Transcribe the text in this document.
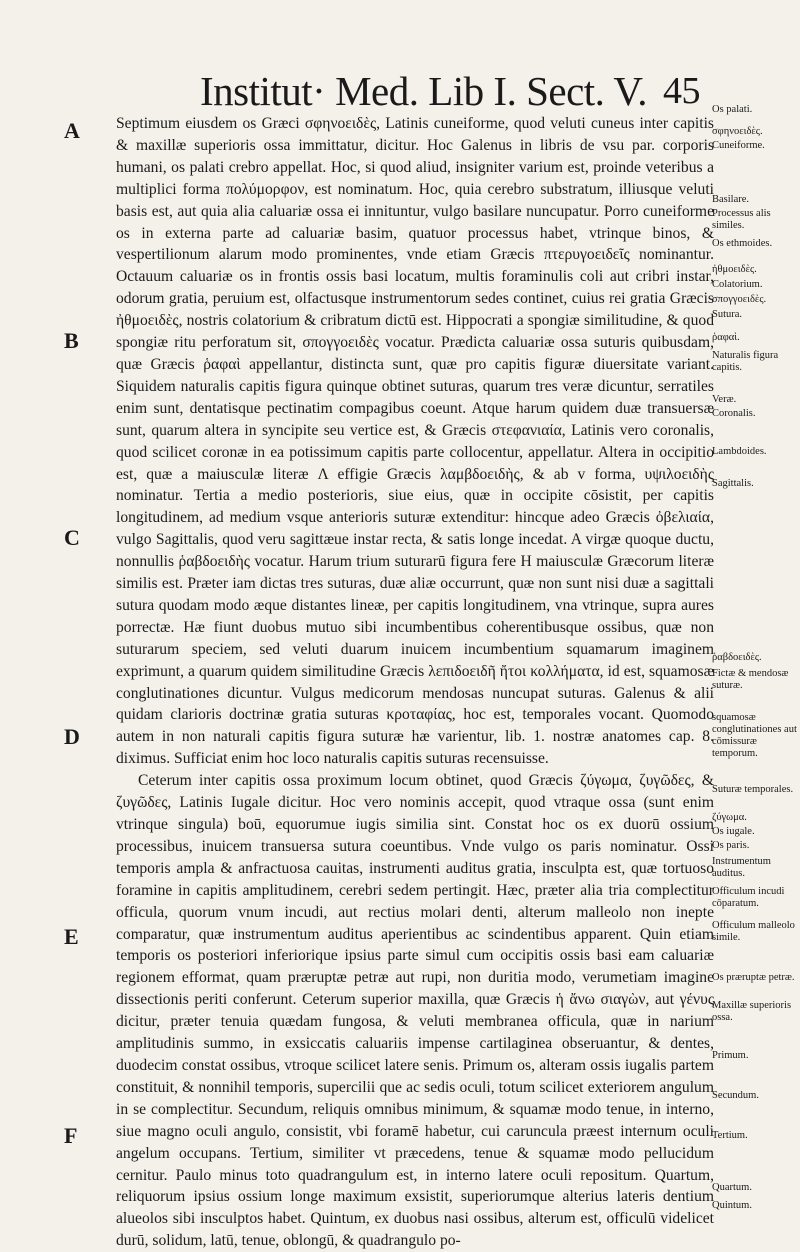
Institut· Med. Lib I. Sect. V. 45
A
B
C
D
E
F

Septimum eiusdem os Græci σφηνοειδὲς, Latinis cuneiforme, quod veluti cuneus inter capitis & maxillæ superioris ossa immittatur, dicitur. Hoc Galenus in libris de vsu par. corporis humani, os palati crebro appellat. Hoc, si quod aliud, insigniter varium est, proinde veteribus a multiplici forma πολύμορφον, est nominatum. Hoc, quia cerebro substratum, illiusque veluti basis est, aut quia alia caluariæ ossa ei innituntur, vulgo basilare nuncupatur. Porro cuneiforme os in externa parte ad caluariæ basim, quatuor processus habet, vtrinque binos, & vespertilionum alarum modo prominentes, vnde etiam Græcis πτερυγοειδεῖς nominantur. Octauum caluariæ os in frontis ossis basi locatum, multis foraminulis coli aut cribri instar, odorum gratia, peruium est, olfactusque instrumentorum sedes continet, cuius rei gratia Græcis ἠθμοειδὲς, nostris colatorium & cribratum dictū est. Hippocrati a spongiæ similitudine, & quod spongiæ ritu perforatum sit, σπογγοειδὲς vocatur. Prædicta caluariæ ossa suturis quibusdam, quæ Græcis ῥαφαὶ appellantur, distincta sunt, quæ pro capitis figuræ diuersitate variant. Siquidem naturalis capitis figura quinque obtinet suturas, quarum tres veræ dicuntur, serratiles enim sunt, dentatisque pectinatim compagibus coeunt. Atque harum quidem duæ transuersæ sunt, quarum altera in syncipite seu vertice est, & Græcis στεφανιαία, Latinis vero coronalis, quod scilicet coronæ in ea potissimum capitis parte collocentur, appellatur. Altera in occipitio est, quæ a maiusculæ literæ Λ effigie Græcis λαμβδοειδὴς, & ab v forma, υψιλοειδὴς nominatur. Tertia a medio posterioris, siue eius, quæ in occipite cōsistit, per capitis longitudinem, ad medium vsque anterioris suturæ extenditur: hincque adeo Græcis ὀβελιαία, vulgo Sagittalis, quod veru sagittæue instar recta, & satis longe incedat. A virgæ quoque ductu, nonnullis ῥαβδοειδὴς vocatur. Harum trium suturarū figura fere H maiusculæ Græcorum literæ similis est. Præter iam dictas tres suturas, duæ aliæ occurrunt, quæ non sunt nisi duæ a sagittali sutura quodam modo æque distantes lineæ, per capitis longitudinem, vna vtrinque, supra aures porrectæ. Hæ fiunt duobus mutuo sibi incumbentibus coherentibusque ossibus, quæ non suturarum speciem, sed veluti duarum inuicem incumbentium squamarum imaginem exprimunt, a quarum quidem similitudine Græcis λεπιδοειδῆ ἤτοι κολλήματα, id est, squamosæ conglutinationes dicuntur. Vulgus medicorum mendosas nuncupat suturas. Galenus & alii quidam clarioris doctrinæ gratia suturas κροταφίας, hoc est, temporales vocant. Quomodo autem in non naturali capitis figura suturæ hæ varientur, lib. 1. nostræ anatomes cap. 8. diximus. Sufficiat enim hoc loco naturalis capitis suturas recensuisse.

Ceterum inter capitis ossa proximum locum obtinet, quod Græcis ζύγωμα, ζυγῶδες, & ζυγῶδες, Latinis Iugale dicitur. Hoc vero nominis accepit, quod vtraque ossa (sunt enim vtrinque singula) boū, equorumue iugis similia sint. Constat hoc os ex duorū ossium processibus, inuicem transuersa sutura coeuntibus. Vnde vulgo os paris nominatur. Ossi temporis ampla & anfractuosa cauitas, instrumenti auditus gratia, insculpta est, quæ tortuoso foramine in capitis amplitudinem, cerebri sedem pertingit. Hæc, præter alia tria complectitur officula, quorum vnum incudi, aut rectius molari denti, alterum malleolo non inepte comparatur, quæ instrumentum auditus aperientibus ac scindentibus apparent. Quin etiam temporis os posteriori inferiorique ipsius parte simul cum occipitis ossis basi eam caluariæ regionem efformat, quam præruptæ petræ aut rupi, non duritia modo, verumetiam imagine dissectionis periti conferunt. Ceterum superior maxilla, quæ Græcis ἡ ἄνω σιαγὼν, aut γένυς dicitur, præter tenuia quædam fungosa, & veluti membranea officula, quæ in narium amplitudinis summo, in exsiccatis caluariis impense cartilaginea obseruantur, & dentes, duodecim constat ossibus, vtroque scilicet latere senis. Primum os, alteram ossis iugalis partem constituit, & nonnihil temporis, supercilii que ac sedis oculi, totum scilicet exteriorem angulum in se complectitur. Secundum, reliquis omnibus minimum, & squamæ modo tenue, in interno, siue magno oculi angulo, consistit, vbi foramē habetur, cui caruncula præest internum oculi angelum occupans. Tertium, similiter vt præcedens, tenue & squamæ modo pellucidum cernitur. Paulo minus toto quadrangulum est, in interno latere oculi repositum. Quartum, reliquorum ipsius ossium longe maximum exsistit, superiorumque alterius lateris dentium alueolos sibi insculptos habet. Quintum, ex duobus nasi ossibus, alterum est, officulū videlicet durū, solidum, latū, tenue, oblongū, & quadrangulo po-

Os palati.
σφηνοειδὲς.
Cuneiforme.
Basilare.
Processus alis similes.
Os ethmoides.
ἠθμοειδὲς.
Colatorium.
σπογγοειδὲς.
Sutura.
ῥαφαὶ.
Naturalis figura capitis.
Veræ.
Coronalis.
Lambdoides.
Sagittalis.
ῥαβδοειδὲς.
Fictæ & mendosæ suturæ.
squamosæ conglutinationes aut cōmissuræ temporum.
Suturæ temporales.
ζύγωμα.
Os iugale.
Os paris.
Instrumentum auditus.
Officulum incudi cōparatum.
Officulum malleolo simile.
Os præruptæ petræ.
Maxillæ superioris ossa.
Primum.
Secundum.
Tertium.
Quartum.
Quintum.
